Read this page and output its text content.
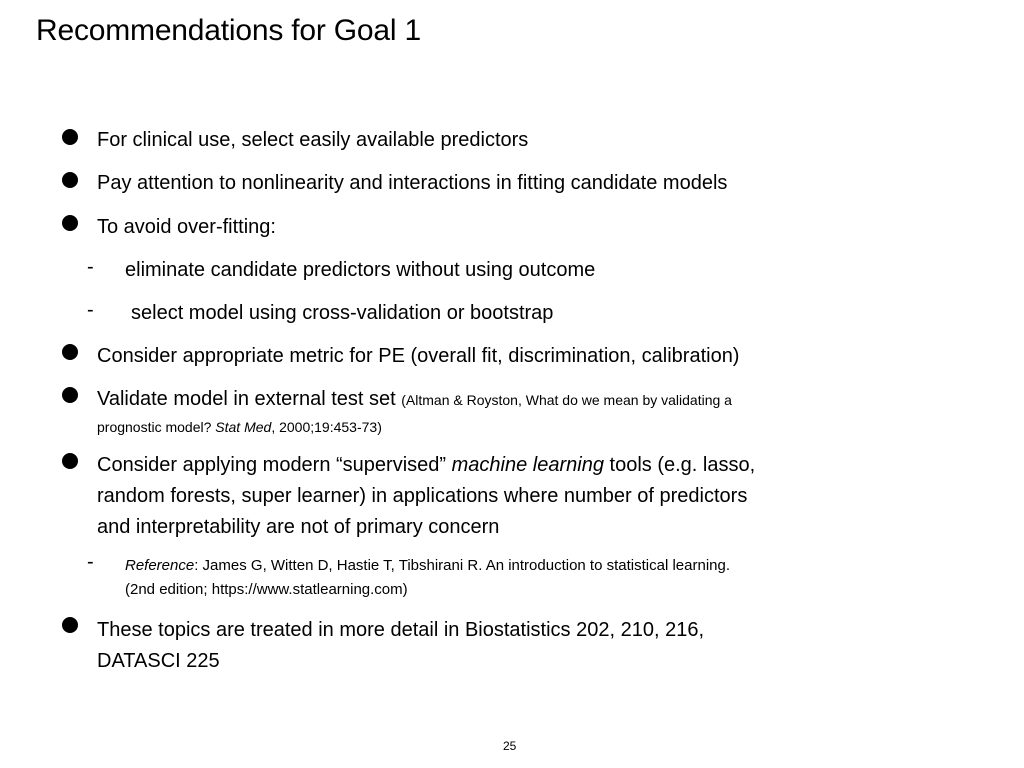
Recommendations for Goal 1
For clinical use, select easily available predictors
Pay attention to nonlinearity and interactions in fitting candidate models
To avoid over-fitting:
- eliminate candidate predictors without using outcome
- select model using cross-validation or bootstrap
Consider appropriate metric for PE (overall fit, discrimination, calibration)
Validate model in external test set (Altman & Royston, What do we mean by validating a
prognostic model? Stat Med, 2000;19:453-73)
Consider applying modern “supervised” machine learning tools (e.g. lasso,
random forests, super learner) in applications where number of predictors
and interpretability are not of primary concern
- Reference: James G, Witten D, Hastie T, Tibshirani R. An introduction to statistical learning.
(2nd edition; https://www.statlearning.com)
These topics are treated in more detail in Biostatistics 202, 210, 216,
DATASCI 225
25
